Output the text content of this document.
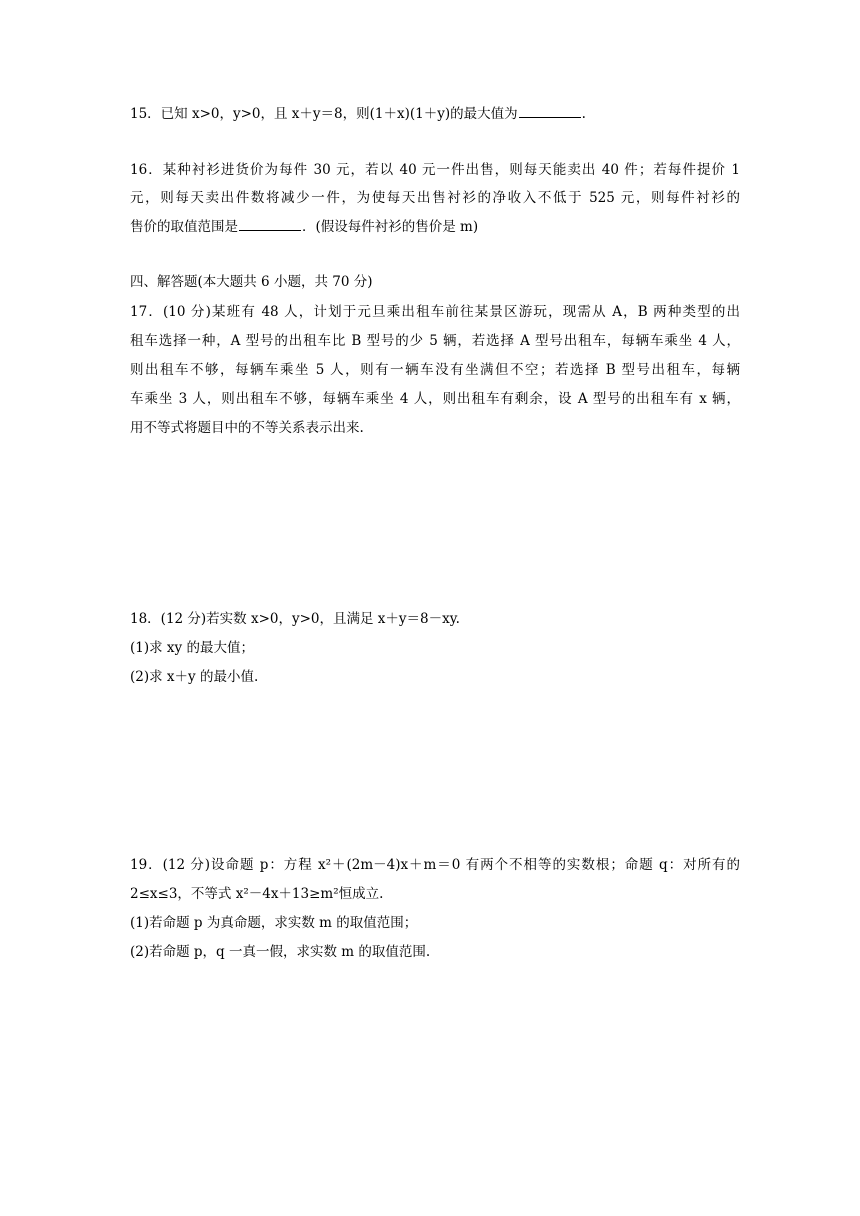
15．已知 x>0，y>0，且 x＋y＝8，则(1＋x)(1＋y)的最大值为	.
16．某种衬衫进货价为每件 30 元，若以 40 元一件出售，则每天能卖出 40 件；若每件提价 1
元，则每天卖出件数将减少一件，为使每天出售衬衫的净收入不低于 525 元，则每件衬衫的
售价的取值范围是	．(假设每件衬衫的售价是 m)
四、解答题(本大题共 6 小题，共 70 分)
17．(10 分)某班有 48 人，计划于元旦乘出租车前往某景区游玩，现需从 A，B 两种类型的出
租车选择一种，A 型号的出租车比 B 型号的少 5 辆，若选择 A 型号出租车，每辆车乘坐 4 人，
则出租车不够，每辆车乘坐 5 人，则有一辆车没有坐满但不空；若选择 B 型号出租车，每辆
车乘坐 3 人，则出租车不够，每辆车乘坐 4 人，则出租车有剩余，设 A 型号的出租车有 x 辆，
用不等式将题目中的不等关系表示出来.
18．(12 分)若实数 x>0，y>0，且满足 x＋y＝8－xy.
(1)求 xy 的最大值；
(2)求 x＋y 的最小值.
19．(12 分)设命题 p：方程 x²＋(2m－4)x＋m＝0 有两个不相等的实数根；命题 q：对所有的
2≤x≤3，不等式 x²－4x＋13≥m²恒成立.
(1)若命题 p 为真命题，求实数 m 的取值范围；
(2)若命题 p，q 一真一假，求实数 m 的取值范围.
